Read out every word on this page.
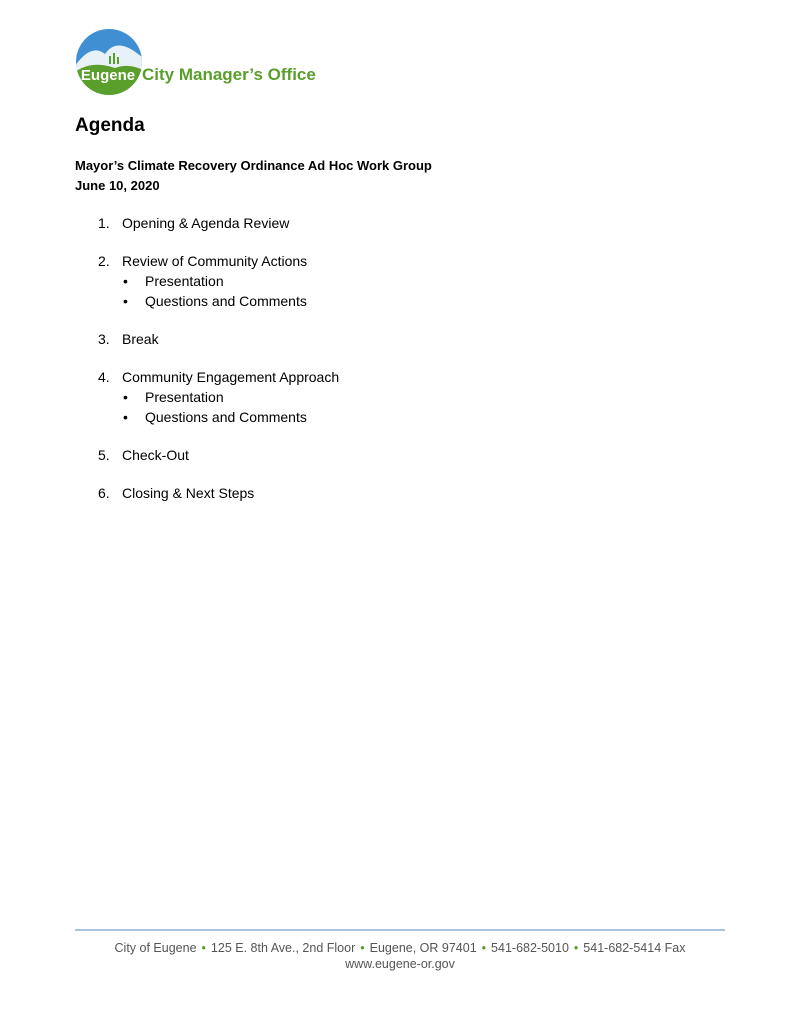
Eugene City Manager’s Office
Agenda
Mayor’s Climate Recovery Ordinance Ad Hoc Work Group
June 10, 2020
1. Opening & Agenda Review
2. Review of Community Actions
• Presentation
• Questions and Comments
3. Break
4. Community Engagement Approach
• Presentation
• Questions and Comments
5. Check-Out
6. Closing & Next Steps
City of Eugene • 125 E. 8th Ave., 2nd Floor • Eugene, OR 97401 • 541-682-5010 • 541-682-5414 Fax
www.eugene-or.gov
